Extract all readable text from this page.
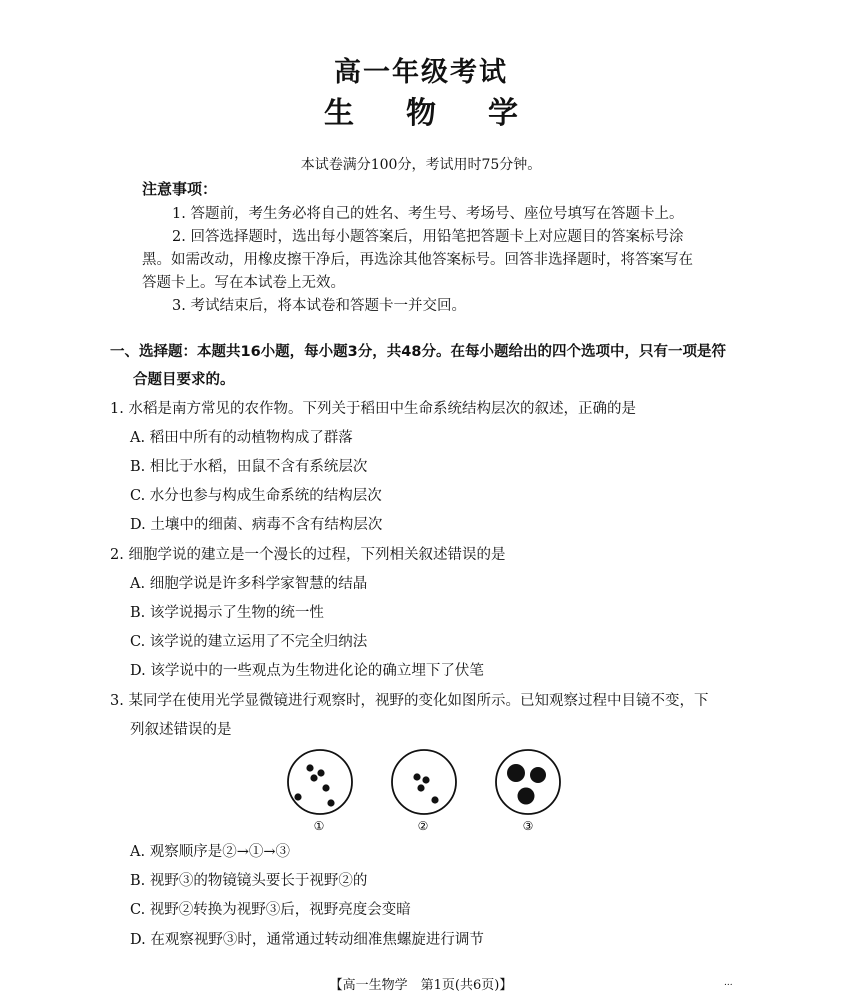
高一年级考试
生 物 学
本试卷满分100分，考试用时75分钟。
注意事项：
1. 答题前，考生务必将自己的姓名、考生号、考场号、座位号填写在答题卡上。
2. 回答选择题时，选出每小题答案后，用铅笔把答题卡上对应题目的答案标号涂
黑。如需改动，用橡皮擦干净后，再选涂其他答案标号。回答非选择题时，将答案写在
答题卡上。写在本试卷上无效。
3. 考试结束后，将本试卷和答题卡一并交回。
一、选择题：本题共16小题，每小题3分，共48分。在每小题给出的四个选项中，只有一项是符
合题目要求的。
1. 水稻是南方常见的农作物。下列关于稻田中生命系统结构层次的叙述，正确的是
A. 稻田中所有的动植物构成了群落
B. 相比于水稻，田鼠不含有系统层次
C. 水分也参与构成生命系统的结构层次
D. 土壤中的细菌、病毒不含有结构层次
2. 细胞学说的建立是一个漫长的过程，下列相关叙述错误的是
A. 细胞学说是许多科学家智慧的结晶
B. 该学说揭示了生物的统一性
C. 该学说的建立运用了不完全归纳法
D. 该学说中的一些观点为生物进化论的确立埋下了伏笔
3. 某同学在使用光学显微镜进行观察时，视野的变化如图所示。已知观察过程中目镜不变，下
列叙述错误的是
①	②	③
A. 观察顺序是②→①→③
B. 视野③的物镜镜头要长于视野②的
C. 视野②转换为视野③后，视野亮度会变暗
D. 在观察视野③时，通常通过转动细准焦螺旋进行调节
【高一生物学　第1页(共6页)】	...
